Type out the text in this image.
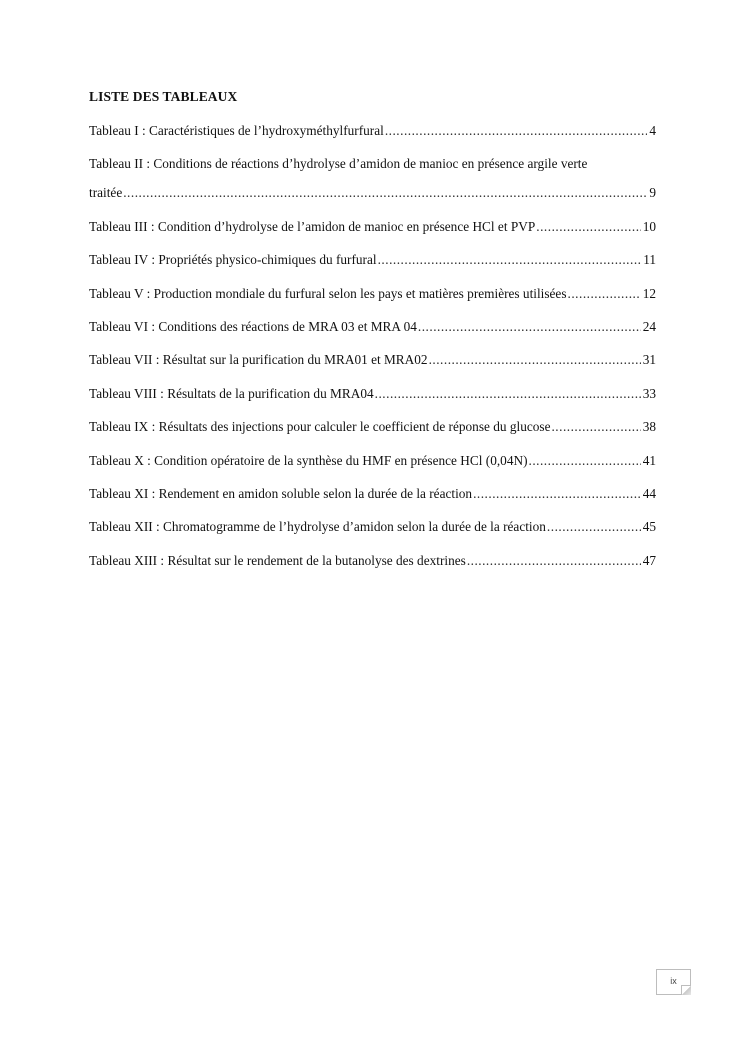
LISTE DES TABLEAUX
Tableau I : Caractéristiques de l’hydroxyméthylfurfural .....	4
Tableau II : Conditions de réactions d’hydrolyse d’amidon de manioc en présence argile verte
traitée .....	9
Tableau III : Condition d’hydrolyse de l’amidon de manioc en présence HCl et PVP .....	10
Tableau IV : Propriétés physico-chimiques du furfural .....	11
Tableau V : Production mondiale du furfural selon les pays et matières premières utilisées .....	12
Tableau VI : Conditions des réactions de MRA 03 et MRA 04 .....	24
Tableau VII : Résultat sur la purification du MRA01 et MRA02 .....	31
Tableau VIII : Résultats de la purification du MRA04 .....	33
Tableau IX : Résultats des injections pour calculer le coefficient de réponse du glucose .....	38
Tableau X : Condition opératoire de la synthèse du HMF en présence HCl (0,04N) .....	41
Tableau XI : Rendement en amidon soluble selon la durée de la réaction .....	44
Tableau XII : Chromatogramme de l’hydrolyse d’amidon selon la durée de la réaction .....	45
Tableau XIII : Résultat sur le rendement de la butanolyse des dextrines .....	47
ix
